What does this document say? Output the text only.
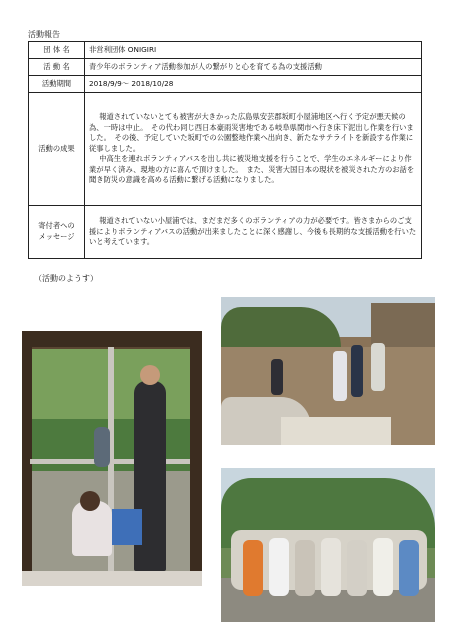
活動報告
団 体 名	非営利団体 ONIGIRI
活 動 名	青少年のボランティア活動参加が人の繋がりと心を育てる為の支援活動
活動期間	2018/9/9～ 2018/10/28
活動の成果	報道されていないとても被害が大きかった広島県安芸郡坂町小屋浦地区へ行く予定が悪天候の為、一時は中止。　その代わ同じ西日本豪雨災害地である岐阜県関市へ行き床下泥出し作業を行いました。　その後、予定していた坂町での公園整地作業へ出向き、新たなサテライトを新設する作業に従事しました。
中高生を連れボランティアバスを出し共に被災地支援を行うことで、学生のエネルギーにより作業が早く済み、現地の方に喜んで頂けました。　また、災害大国日本の現状を被災された方のお話を聞き防災の意識を高める活動に繋げる活動になりました。

寄付者への
メッセージ	報道されていない小屋浦では、まだまだ多くのボランティアの力が必要です。皆さまからのご支援によりボランティアバスの活動が出来ましたことに深く感謝し、今後も長期的な支援活動を行いたいと考えています。
（活動のようす）
